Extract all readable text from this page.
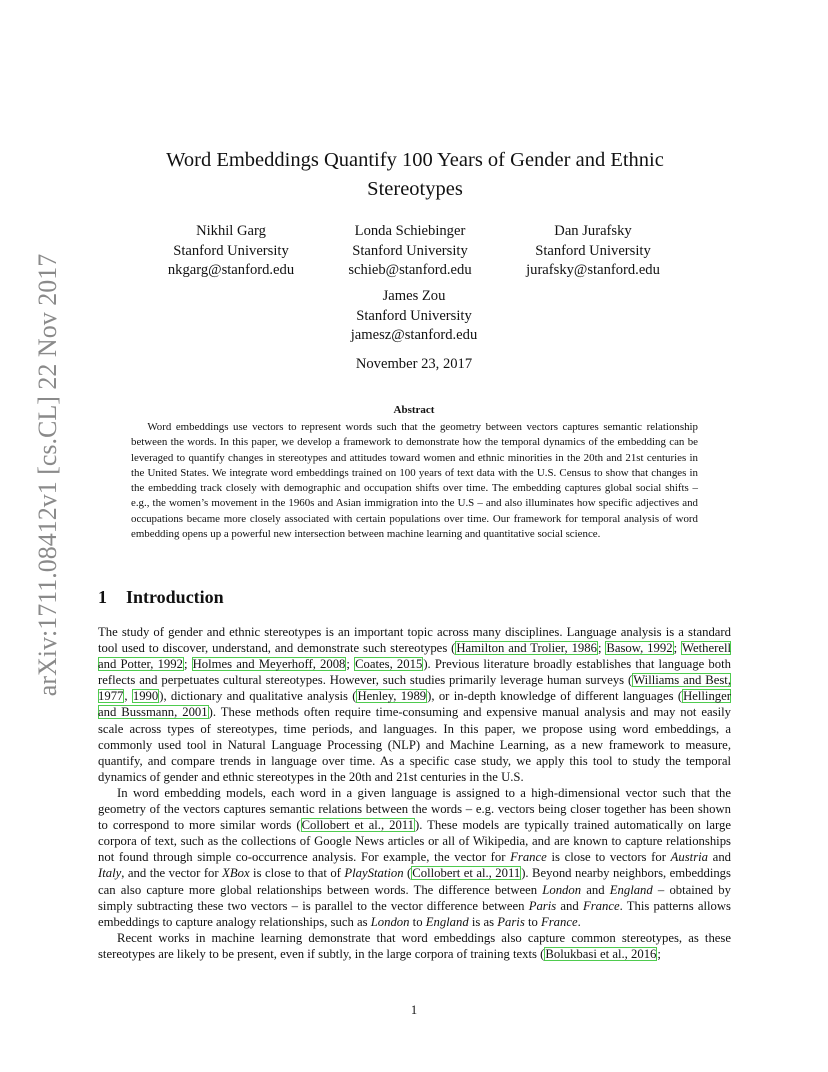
arXiv:1711.08412v1 [cs.CL] 22 Nov 2017
Word Embeddings Quantify 100 Years of Gender and Ethnic
Stereotypes
Nikhil Garg
Stanford University
nkgarg@stanford.edu
Londa Schiebinger
Stanford University
schieb@stanford.edu
Dan Jurafsky
Stanford University
jurafsky@stanford.edu
James Zou
Stanford University
jamesz@stanford.edu
November 23, 2017
Abstract

Word embeddings use vectors to represent words such that the geometry between vectors captures semantic relationship between the words. In this paper, we develop a framework to demonstrate how the temporal dynamics of the embedding can be leveraged to quantify changes in stereotypes and attitudes toward women and ethnic minorities in the 20th and 21st centuries in the United States. We integrate word embeddings trained on 100 years of text data with the U.S. Census to show that changes in the embedding track closely with demographic and occupation shifts over time. The embedding captures global social shifts – e.g., the women’s movement in the 1960s and Asian immigration into the U.S – and also illuminates how specific adjectives and occupations became more closely associated with certain populations over time. Our framework for temporal analysis of word embedding opens up a powerful new intersection between machine learning and quantitative social science.

1 Introduction

The study of gender and ethnic stereotypes is an important topic across many disciplines. Language analysis is a standard tool used to discover, understand, and demonstrate such stereotypes (Hamilton and Trolier, 1986; Basow, 1992; Wetherell and Potter, 1992; Holmes and Meyerhoff, 2008; Coates, 2015). Previous literature broadly establishes that language both reflects and perpetuates cultural stereotypes. However, such studies primarily leverage human surveys (Williams and Best, 1977, 1990), dictionary and qualitative analysis (Henley, 1989), or in-depth knowledge of different languages (Hellinger and Bussmann, 2001). These methods often require time-consuming and expensive manual analysis and may not easily scale across types of stereotypes, time periods, and languages. In this paper, we propose using word embeddings, a commonly used tool in Natural Language Processing (NLP) and Machine Learning, as a new framework to measure, quantify, and compare trends in language over time. As a specific case study, we apply this tool to study the temporal dynamics of gender and ethnic stereotypes in the 20th and 21st centuries in the U.S.

In word embedding models, each word in a given language is assigned to a high-dimensional vector such that the geometry of the vectors captures semantic relations between the words – e.g. vectors being closer together has been shown to correspond to more similar words (Collobert et al., 2011). These models are typically trained automatically on large corpora of text, such as the collections of Google News articles or all of Wikipedia, and are known to capture relationships not found through simple co-occurrence analysis. For example, the vector for France is close to vectors for Austria and Italy, and the vector for XBox is close to that of PlayStation (Collobert et al., 2011). Beyond nearby neighbors, embeddings can also capture more global relationships between words. The difference between London and England – obtained by simply subtracting these two vectors – is parallel to the vector difference between Paris and France. This patterns allows embeddings to capture analogy relationships, such as London to England is as Paris to France.

Recent works in machine learning demonstrate that word embeddings also capture common stereotypes, as these stereotypes are likely to be present, even if subtly, in the large corpora of training texts (Bolukbasi et al., 2016;

1
